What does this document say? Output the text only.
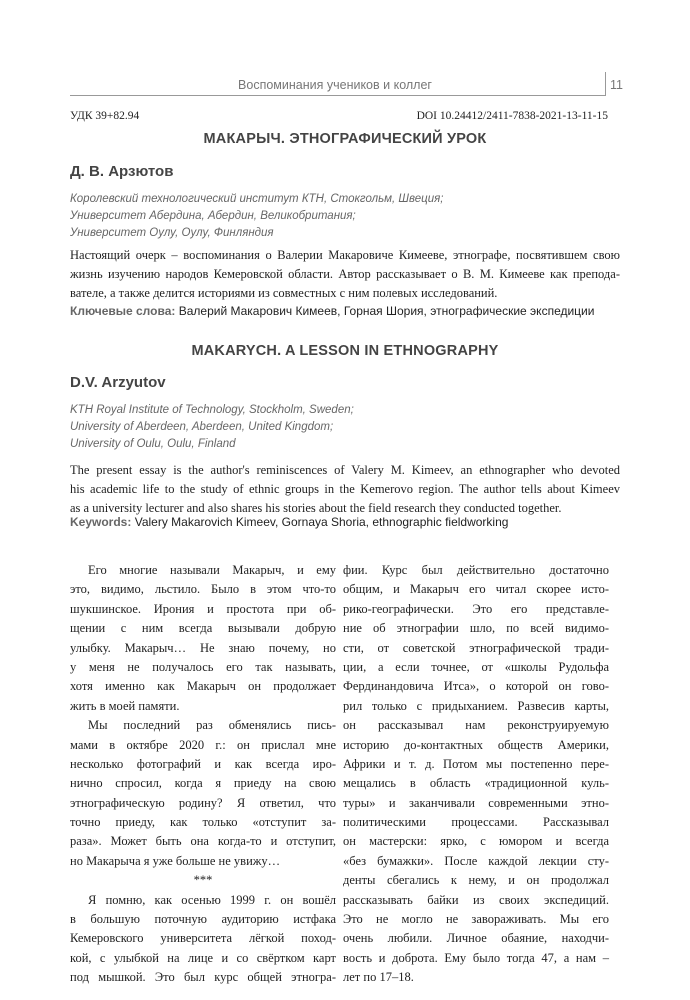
Воспоминания учеников и коллег	11
УДК 39+82.94	DOI 10.24412/2411-7838-2021-13-11-15
МАКАРЫЧ. ЭТНОГРАФИЧЕСКИЙ УРОК
Д. В. Арзютов
Королевский технологический институт КТН, Стокгольм, Швеция;
Университет Абердина, Абердин, Великобритания;
Университет Оулу, Оулу, Финляндия
Настоящий очерк – воспоминания о Валерии Макаровиче Кимееве, этнографе, посвятившем свою
жизнь изучению народов Кемеровской области. Автор рассказывает о В. М. Кимееве как препода-
вателе, а также делится историями из совместных с ним полевых исследований.
Ключевые слова: Валерий Макарович Кимеев, Горная Шория, этнографические экспедиции
MAKARYCH. A LESSON IN ETHNOGRAPHY
D.V. Arzyutov
KTH Royal Institute of Technology, Stockholm, Sweden;
University of Aberdeen, Aberdeen, United Kingdom;
University of Oulu, Oulu, Finland
The present essay is the author's reminiscences of Valery M. Kimeev, an ethnographer who devoted
his academic life to the study of ethnic groups in the Kemerovo region. The author tells about Kimeev
as a university lecturer and also shares his stories about the field research they conducted together.
Keywords: Valery Makarovich Kimeev, Gornaya Shoria, ethnographic fieldworking
Его многие называли Макарыч, и ему
это, видимо, льстило. Было в этом что-то
шукшинское. Ирония и простота при об-
щении с ним всегда вызывали добрую
улыбку. Макарыч… Не знаю почему, но
у меня не получалось его так называть,
хотя именно как Макарыч он продолжает
жить в моей памяти.
Мы последний раз обменялись пись-
мами в октябре 2020 г.: он прислал мне
несколько фотографий и как всегда иро-
нично спросил, когда я приеду на свою
этнографическую родину? Я ответил, что
точно приеду, как только «отступит за-
раза». Может быть она когда-то и отступит,
но Макарыча я уже больше не увижу…
***
Я помню, как осенью 1999 г. он вошёл
в большую поточную аудиторию истфака
Кемеровского университета лёгкой поход-
кой, с улыбкой на лице и со свёртком карт
под мышкой. Это был курс общей этногра-
фии. Курс был действительно достаточно
общим, и Макарыч его читал скорее исто-
рико-географически. Это его представле-
ние об этнографии шло, по всей видимо-
сти, от советской этнографической тради-
ции, а если точнее, от «школы Рудольфа
Фердинандовича Итса», о которой он гово-
рил только с придыханием. Развесив карты,
он рассказывал нам реконструируемую
историю до-контактных обществ Америки,
Африки и т. д. Потом мы постепенно пере-
мещались в область «традиционной куль-
туры» и заканчивали современными этно-
политическими процессами. Рассказывал
он мастерски: ярко, с юмором и всегда
«без бумажки». После каждой лекции сту-
денты сбегались к нему, и он продолжал
рассказывать байки из своих экспедиций.
Это не могло не завораживать. Мы его
очень любили. Личное обаяние, находчи-
вость и доброта. Ему было тогда 47, а нам –
лет по 17–18.
